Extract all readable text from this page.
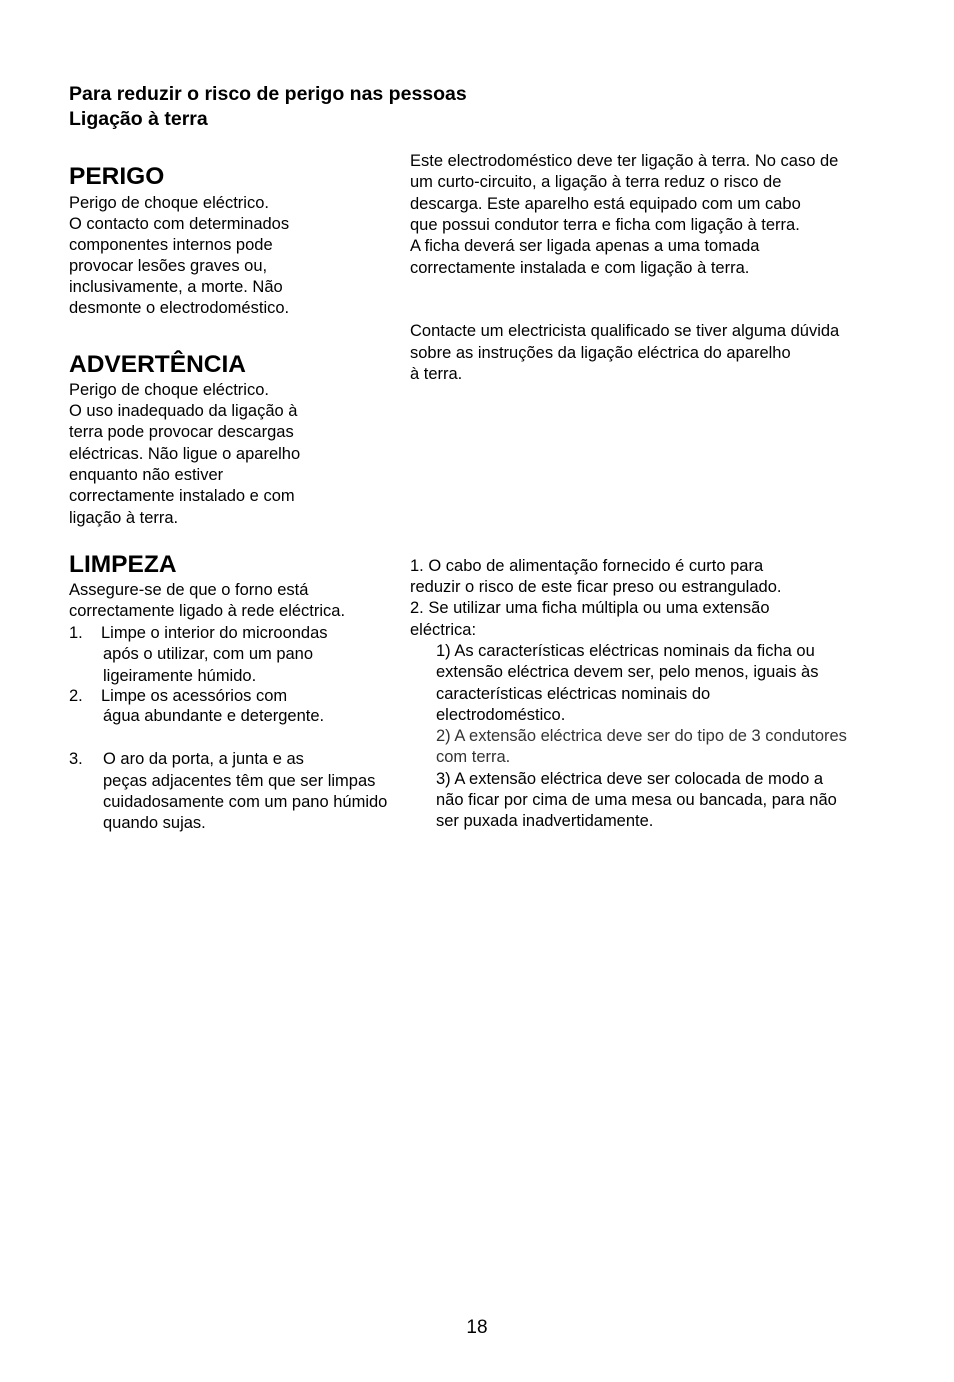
Para reduzir o risco de perigo nas pessoas
Ligação à terra
PERIGO
Perigo de choque eléctrico.
O contacto com determinados
componentes internos pode
provocar lesões graves ou,
inclusivamente, a morte. Não
desmonte o electrodoméstico.
ADVERTÊNCIA
Perigo de choque eléctrico.
O uso inadequado da ligação à
terra pode provocar descargas
eléctricas. Não ligue o aparelho
enquanto não estiver
correctamente instalado e com
ligação à terra.
LIMPEZA
Assegure-se de que o forno está
correctamente ligado à rede eléctrica.
1. Limpe o interior do microondas
após o utilizar, com um pano
ligeiramente húmido.
2. Limpe os acessórios com
água abundante e detergente.
3. O aro da porta, a junta e as
peças adjacentes têm que ser limpas
cuidadosamente com um pano húmido
quando sujas.
Este electrodoméstico deve ter ligação à terra. No caso de
um curto-circuito, a ligação à terra reduz o risco de
descarga. Este aparelho está equipado com um cabo
que possui condutor terra e ficha com ligação à terra.
A ficha deverá ser ligada apenas a uma tomada
correctamente instalada e com ligação à terra.
Contacte um electricista qualificado se tiver alguma dúvida
sobre as instruções da ligação eléctrica do aparelho
à terra.
1. O cabo de alimentação fornecido é curto para
reduzir o risco de este ficar preso ou estrangulado.
2. Se utilizar uma ficha múltipla ou uma extensão
eléctrica:
1) As características eléctricas nominais da ficha ou
extensão eléctrica devem ser, pelo menos, iguais às
características eléctricas nominais do
electrodoméstico.
2) A extensão eléctrica deve ser do tipo de 3 condutores
com terra.
3) A extensão eléctrica deve ser colocada de modo a
não ficar por cima de uma mesa ou bancada, para não
ser puxada inadvertidamente.
18
